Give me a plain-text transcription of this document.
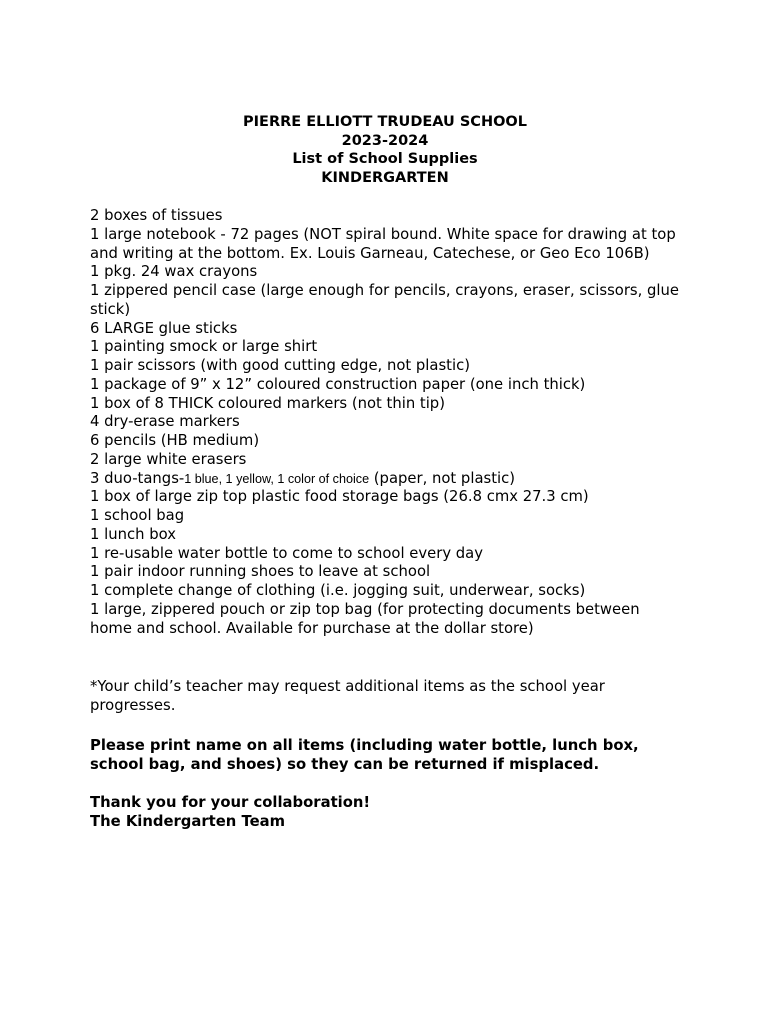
PIERRE ELLIOTT TRUDEAU SCHOOL
2023-2024
List of School Supplies
KINDERGARTEN
2 boxes of tissues
1 large notebook - 72 pages (NOT spiral bound. White space for drawing at top and writing at the bottom. Ex. Louis Garneau, Catechese, or Geo Eco 106B)
1 pkg. 24 wax crayons
1 zippered pencil case (large enough for pencils, crayons, eraser, scissors, glue stick)
6 LARGE glue sticks
1 painting smock or large shirt
1 pair scissors (with good cutting edge, not plastic)
1 package of 9” x 12” coloured construction paper (one inch thick)
1 box of 8 THICK coloured markers (not thin tip)
4 dry-erase markers
6 pencils (HB medium)
2 large white erasers
3 duo-tangs-1 blue, 1 yellow, 1 color of choice (paper, not plastic)
1 box of large zip top plastic food storage bags (26.8 cmx 27.3 cm)
1 school bag
1 lunch box
1 re-usable water bottle to come to school every day
1 pair indoor running shoes to leave at school
1 complete change of clothing (i.e. jogging suit, underwear, socks)
1 large, zippered pouch or zip top bag (for protecting documents between home and school. Available for purchase at the dollar store)
*Your child’s teacher may request additional items as the school year progresses.
Please print name on all items (including water bottle, lunch box, school bag, and shoes) so they can be returned if misplaced.
Thank you for your collaboration!
The Kindergarten Team
